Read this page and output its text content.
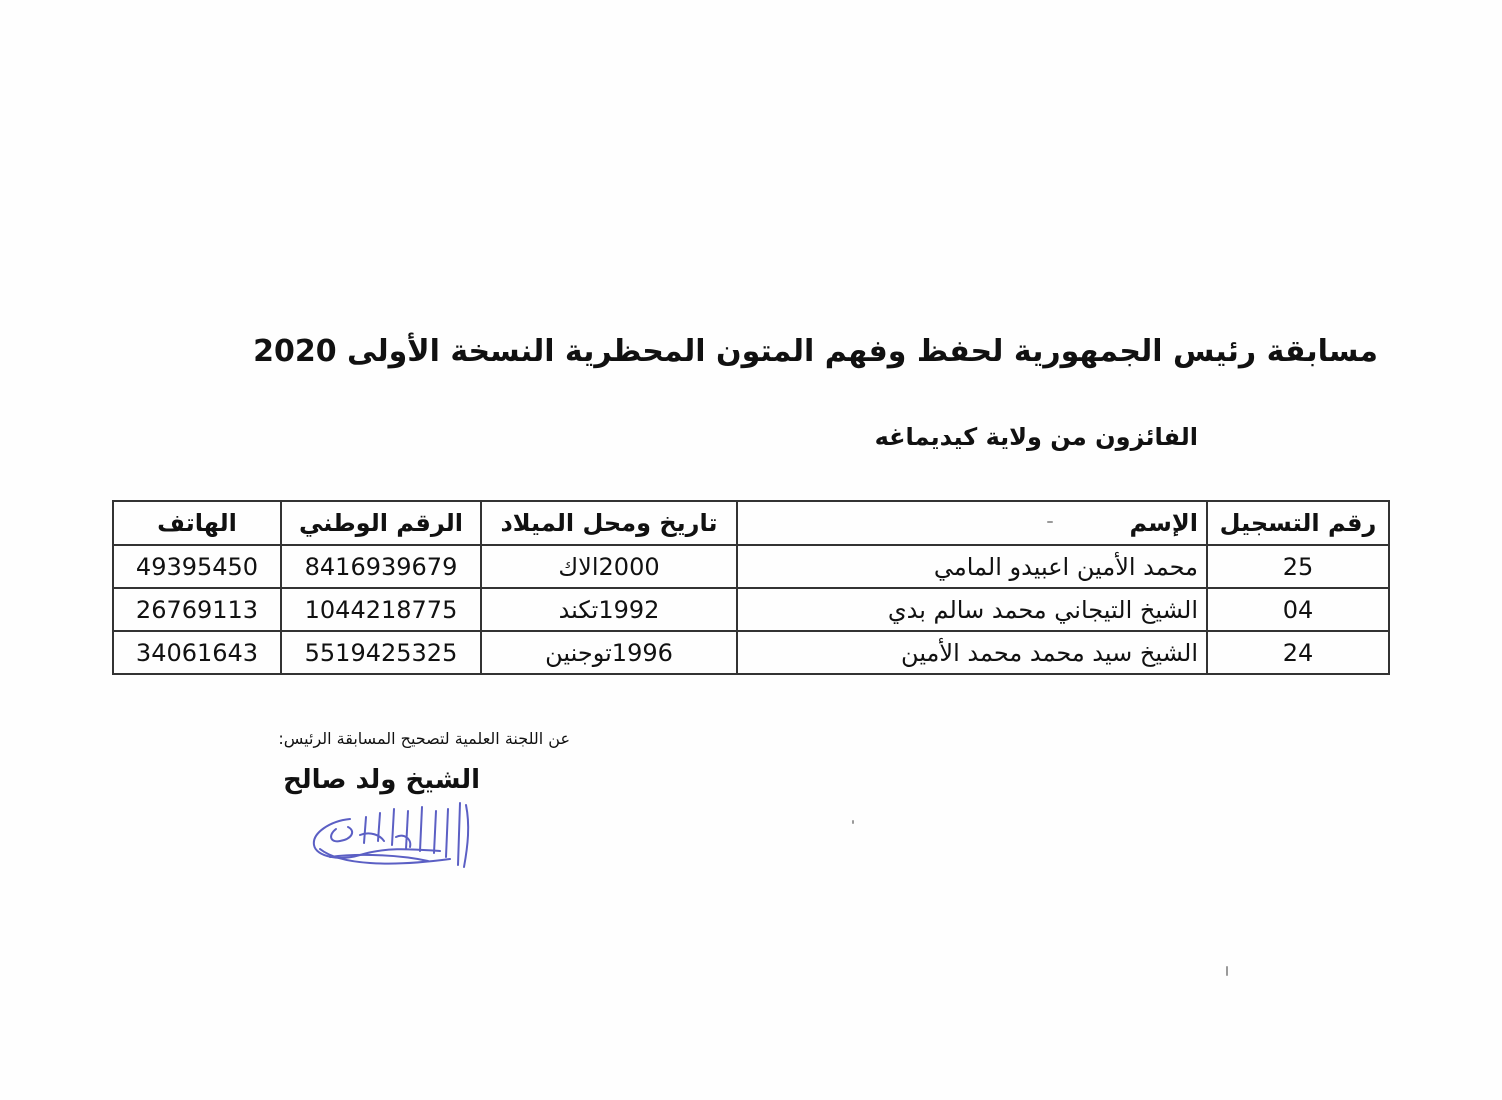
مسابقة رئيس الجمهورية لحفظ وفهم المتون المحظرية النسخة الأولى 2020
الفائزون من ولاية كيديماغه
رقم التسجيل	الإسم	تاريخ ومحل الميلاد	الرقم الوطني	الهاتف
25	محمد الأمين اعبيدو المامي	2000الاك	8416939679	49395450
04	الشيخ التيجاني محمد سالم بدي	1992تكند	1044218775	26769113
24	الشيخ سيد محمد محمد الأمين	1996توجنين	5519425325	34061643
عن اللجنة العلمية لتصحيح المسابقة الرئيس:
الشيخ ولد صالح
